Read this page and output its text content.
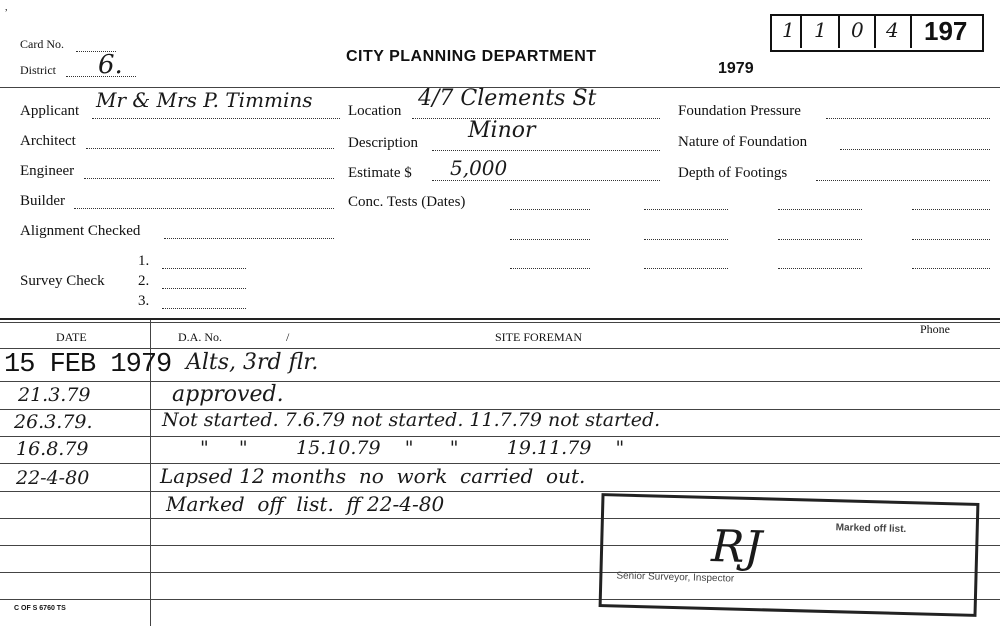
,
Card No.
District 6.	CITY PLANNING DEPARTMENT
1979
1 1 0 4 197
Applicant Mr & Mrs P. Timmins
Architect
Engineer
Builder
Alignment Checked
Survey Check
1.
2.
3.
Location 4/7 Clements St
Description Minor
Estimate $ 5,000
Conc. Tests (Dates)
Foundation Pressure
Nature of Foundation
Depth of Footings
DATE	D.A. No.	/	SITE FOREMAN
Phone
15 FEB 1979 Alts, 3rd flr.
21.3.79	approved.
26.3.79.	Not started. 7.6.79 not started. 11.7.79 not started.
16.8.79	"     "        15.10.79    "      "        19.11.79    "
22-4-80	Lapsed 12 months  no  work  carried  out.
Marked  off  list.  ff 22-4-80
Marked off list.
Senior Surveyor, Inspector
RJ
C OF S 6760 TS
